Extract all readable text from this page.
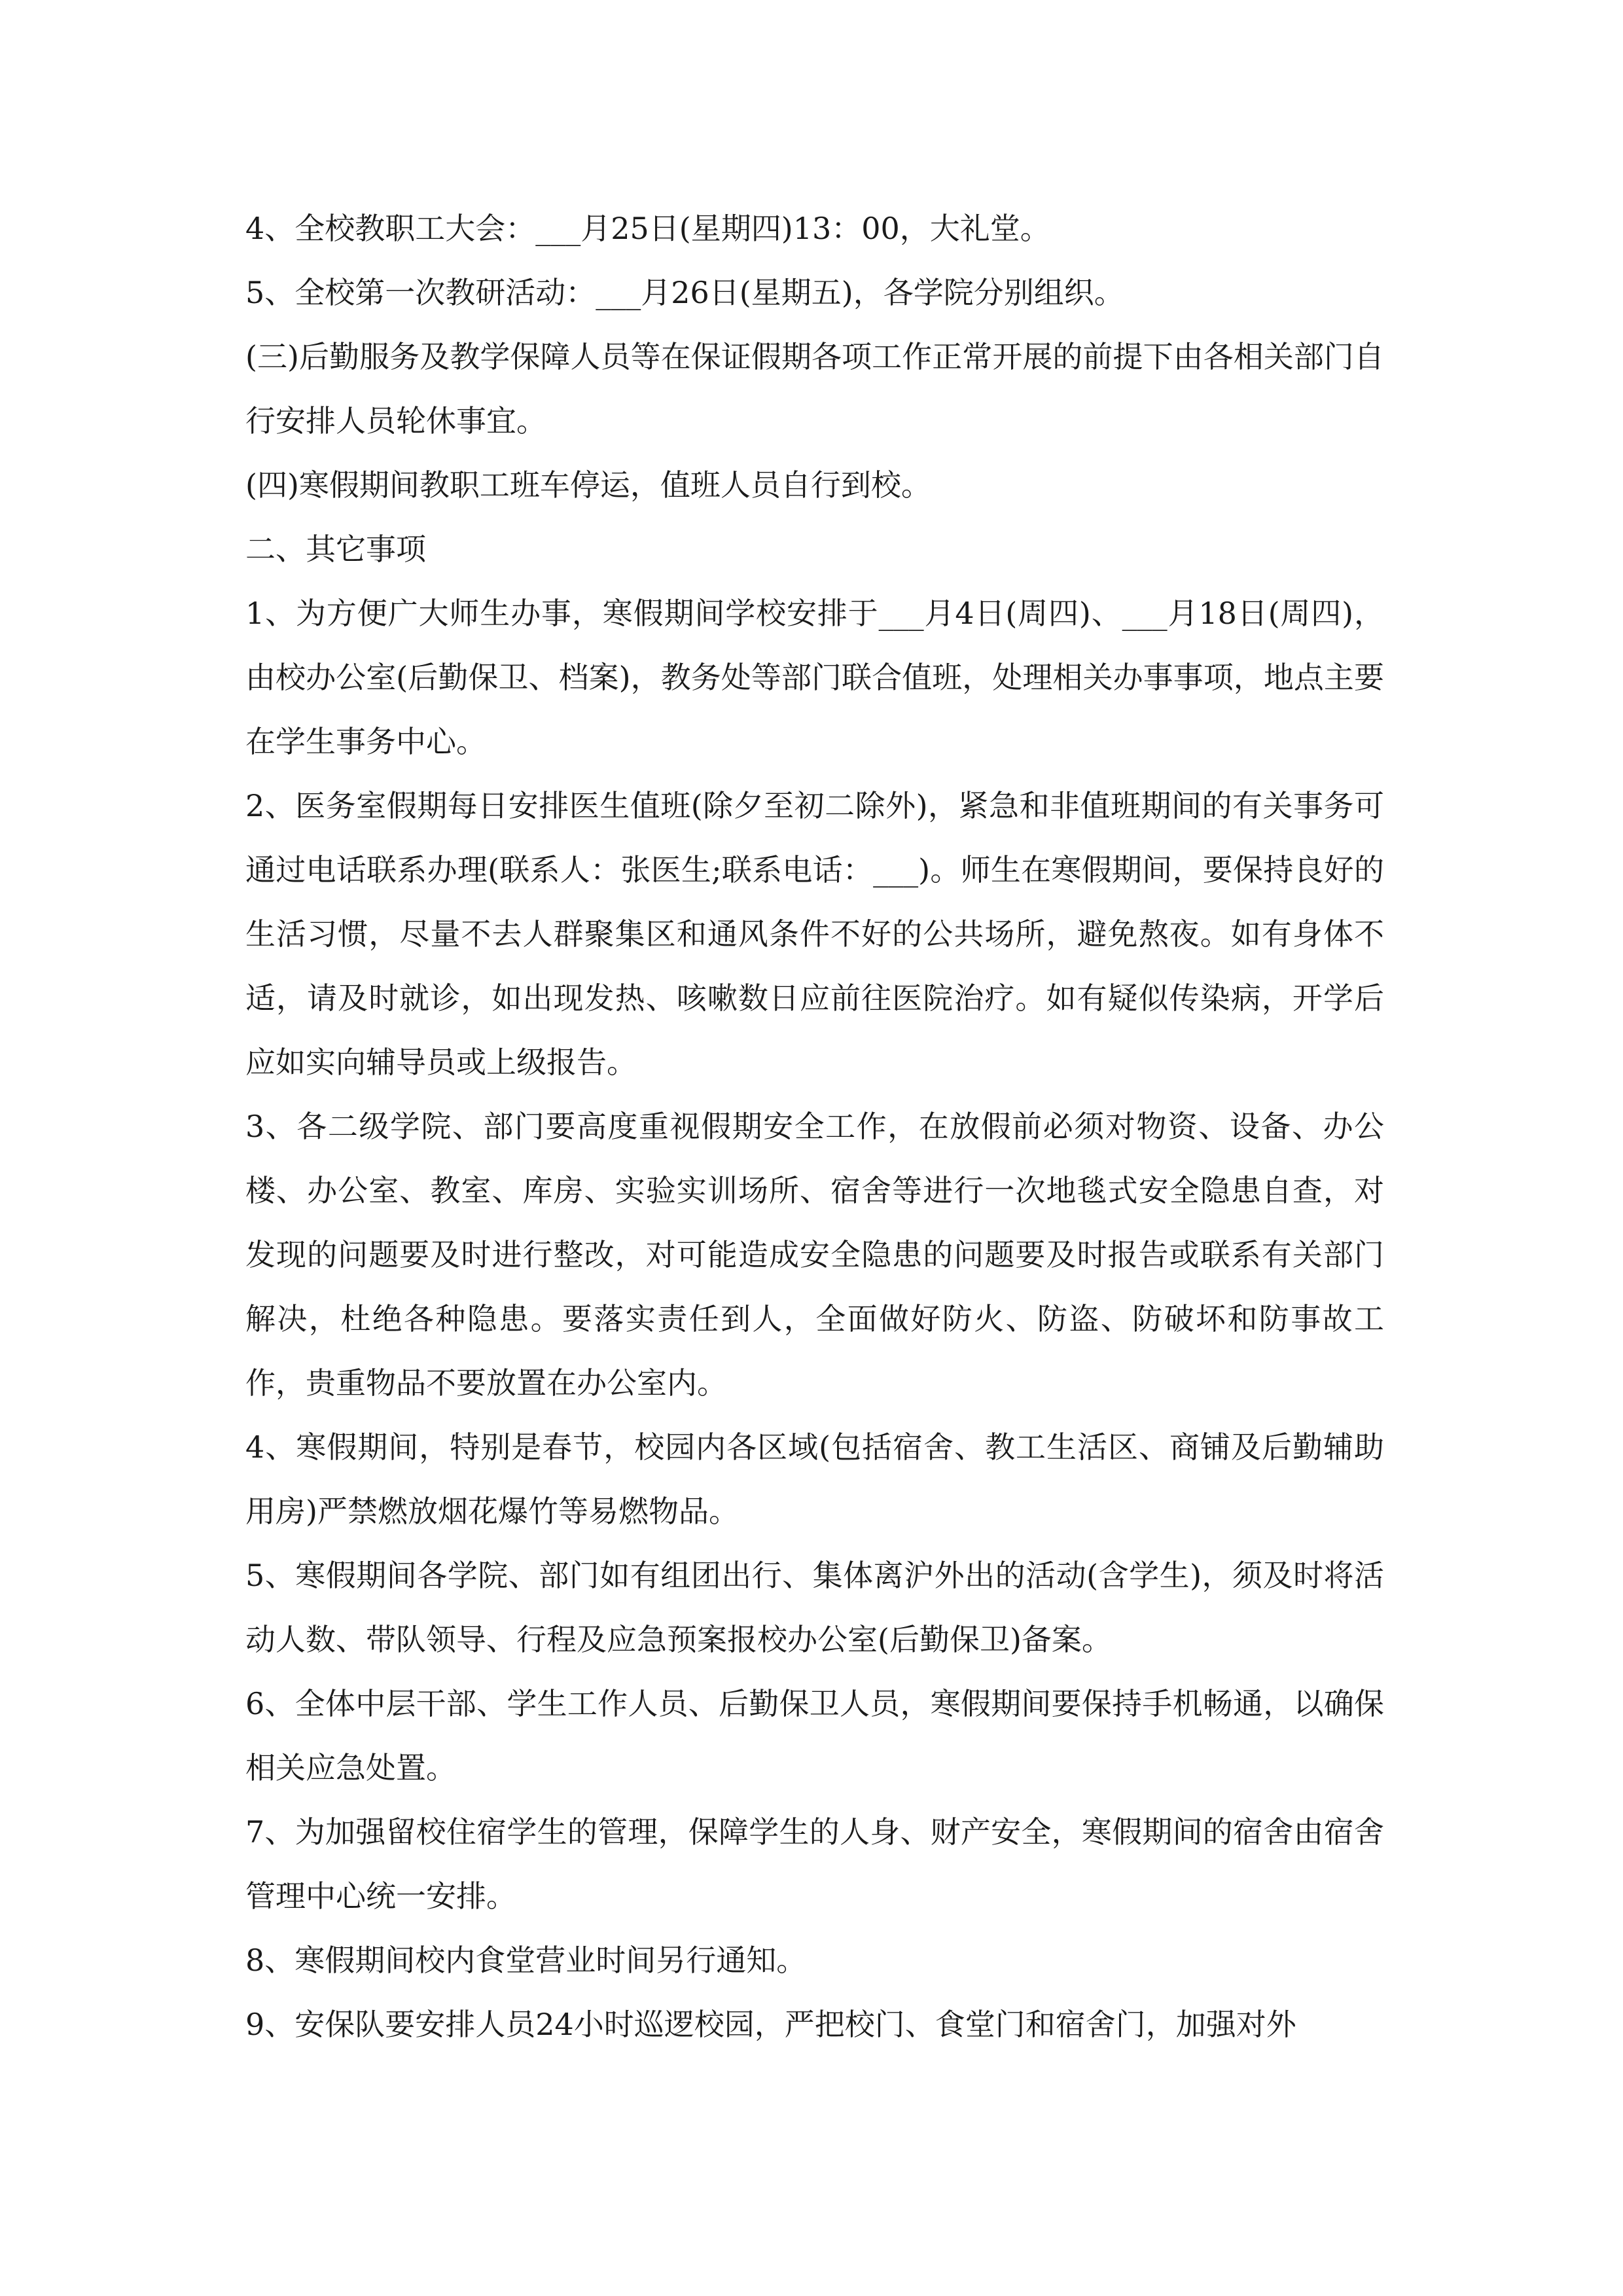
4、全校教职工大会：___月25日(星期四)13：00，大礼堂。

5、全校第一次教研活动：___月26日(星期五)，各学院分别组织。

(三)后勤服务及教学保障人员等在保证假期各项工作正常开展的前提下由各相关部门自行安排人员轮休事宜。

(四)寒假期间教职工班车停运，值班人员自行到校。

二、其它事项

1、为方便广大师生办事，寒假期间学校安排于___月4日(周四)、___月18日(周四)，由校办公室(后勤保卫、档案)，教务处等部门联合值班，处理相关办事事项，地点主要在学生事务中心。

2、医务室假期每日安排医生值班(除夕至初二除外)，紧急和非值班期间的有关事务可通过电话联系办理(联系人：张医生;联系电话：___)。师生在寒假期间，要保持良好的生活习惯，尽量不去人群聚集区和通风条件不好的公共场所，避免熬夜。如有身体不适，请及时就诊，如出现发热、咳嗽数日应前往医院治疗。如有疑似传染病，开学后应如实向辅导员或上级报告。

3、各二级学院、部门要高度重视假期安全工作，在放假前必须对物资、设备、办公楼、办公室、教室、库房、实验实训场所、宿舍等进行一次地毯式安全隐患自查，对发现的问题要及时进行整改，对可能造成安全隐患的问题要及时报告或联系有关部门解决，杜绝各种隐患。要落实责任到人，全面做好防火、防盗、防破坏和防事故工作，贵重物品不要放置在办公室内。

4、寒假期间，特别是春节，校园内各区域(包括宿舍、教工生活区、商铺及后勤辅助用房)严禁燃放烟花爆竹等易燃物品。

5、寒假期间各学院、部门如有组团出行、集体离沪外出的活动(含学生)，须及时将活动人数、带队领导、行程及应急预案报校办公室(后勤保卫)备案。

6、全体中层干部、学生工作人员、后勤保卫人员，寒假期间要保持手机畅通，以确保相关应急处置。

7、为加强留校住宿学生的管理，保障学生的人身、财产安全，寒假期间的宿舍由宿舍管理中心统一安排。

8、寒假期间校内食堂营业时间另行通知。

9、安保队要安排人员24小时巡逻校园，严把校门、食堂门和宿舍门，加强对外
